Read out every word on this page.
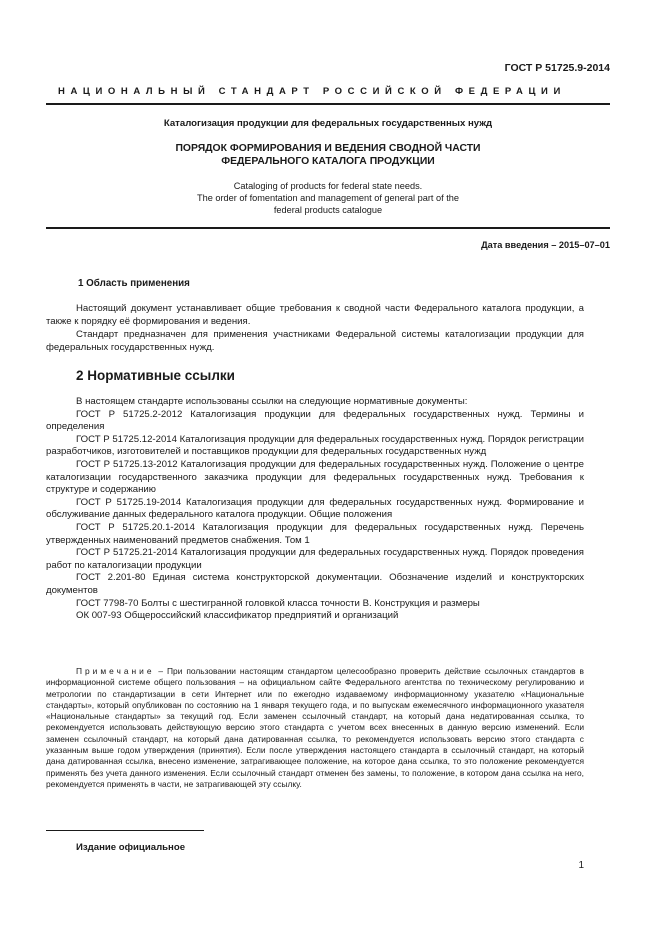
ГОСТ Р 51725.9-2014
НАЦИОНАЛЬНЫЙ СТАНДАРТ РОССИЙСКОЙ ФЕДЕРАЦИИ
Каталогизация продукции для федеральных государственных нужд
ПОРЯДОК ФОРМИРОВАНИЯ И ВЕДЕНИЯ СВОДНОЙ ЧАСТИ
ФЕДЕРАЛЬНОГО КАТАЛОГА ПРОДУКЦИИ
Cataloging of products for federal state needs.
The order of fomentation and management of general part of the
federal products catalogue
Дата введения – 2015–07–01
1 Область применения

Настоящий документ устанавливает общие требования к сводной части Федерального каталога продукции, а также к порядку её формирования и ведения.

Стандарт предназначен для применения участниками Федеральной системы каталогизации продукции для федеральных государственных нужд.

2 Нормативные ссылки

В настоящем стандарте использованы ссылки на следующие нормативные документы:

ГОСТ Р 51725.2-2012 Каталогизация продукции для федеральных государственных нужд. Термины и определения

ГОСТ Р 51725.12-2014 Каталогизация продукции для федеральных государственных нужд. Порядок регистрации разработчиков, изготовителей и поставщиков продукции для федеральных государственных нужд

ГОСТ Р 51725.13-2012 Каталогизация продукции для федеральных государственных нужд. Положение о центре каталогизации государственного заказчика продукции для федеральных государственных нужд. Требования к структуре и содержанию

ГОСТ Р 51725.19-2014 Каталогизация продукции для федеральных государственных нужд. Формирование и обслуживание данных федерального каталога продукции. Общие положения

ГОСТ Р 51725.20.1-2014 Каталогизация продукции для федеральных государственных нужд. Перечень утвержденных наименований предметов снабжения. Том 1

ГОСТ Р 51725.21-2014 Каталогизация продукции для федеральных государственных нужд. Порядок проведения работ по каталогизации продукции

ГОСТ 2.201-80 Единая система конструкторской документации. Обозначение изделий и конструкторских документов

ГОСТ 7798-70 Болты с шестигранной головкой класса точности В. Конструкция и размеры

ОК 007-93 Общероссийский классификатор предприятий и организаций

Примечание – При пользовании настоящим стандартом целесообразно проверить действие ссылочных стандартов в информационной системе общего пользования – на официальном сайте Федерального агентства по техническому регулированию и метрологии по стандартизации в сети Интернет или по ежегодно издаваемому информационному указателю «Национальные стандарты», который опубликован по состоянию на 1 января текущего года, и по выпускам ежемесячного информационного указателя «Национальные стандарты» за текущий год. Если заменен ссылочный стандарт, на который дана недатированная ссылка, то рекомендуется использовать действующую версию этого стандарта с учетом всех внесенных в данную версию изменений. Если заменен ссылочный стандарт, на который дана датированная ссылка, то рекомендуется использовать версию этого стандарта с указанным выше годом утверждения (принятия). Если после утверждения настоящего стандарта в ссылочный стандарт, на который дана датированная ссылка, внесено изменение, затрагивающее положение, на которое дана ссылка, то это положение рекомендуется применять без учета данного изменения. Если ссылочный стандарт отменен без замены, то положение, в котором дана ссылка на него, рекомендуется применять в части, не затрагивающей эту ссылку.

Издание официальное
1
